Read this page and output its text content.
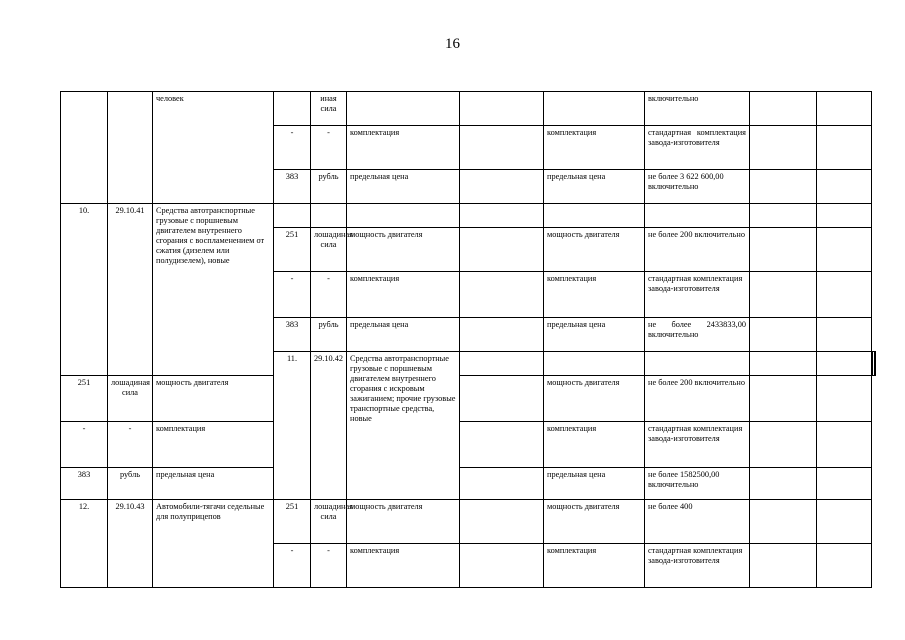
16
		человек		иная сила				включительно				
			-	-	комплектация		комплектация	стандартная комплектация завода-изготовителя				
			383	рубль	предельная цена		предельная цена	не более 3 622 600,00 включительно				
10.	29.10.41	Средства автотранспортные грузовые с поршневым двигателем внутреннего сгорания с воспламенением от сжатия (дизелем или полудизелем), новые										
			251	лошадиная сила	мощность двигателя		мощность двигателя	не более 200 включительно				
			-	-	комплектация		комплектация	стандартная комплектация завода-изготовителя				
			383	рубль	предельная цена		предельная цена	не более 2433833,00 включительно				
			11.	29.10.42	Средства автотранспортные грузовые с поршневым двигателем внутреннего сгорания с искровым зажиганием; прочие грузовые транспортные средства, новые								
251	лошадиная сила	мощность двигателя					мощность двигателя	не более 200 включительно				
-	-	комплектация					комплектация	стандартная комплектация завода-изготовителя				
383	рубль	предельная цена					предельная цена	не более 1582500,00 включительно				
12.	29.10.43	Автомобили-тягачи седельные для полуприцепов	251	лошадиная сила	мощность двигателя		мощность двигателя	не более 400				
			-	-	комплектация		комплектация	стандартная комплектация завода-изготовителя				
